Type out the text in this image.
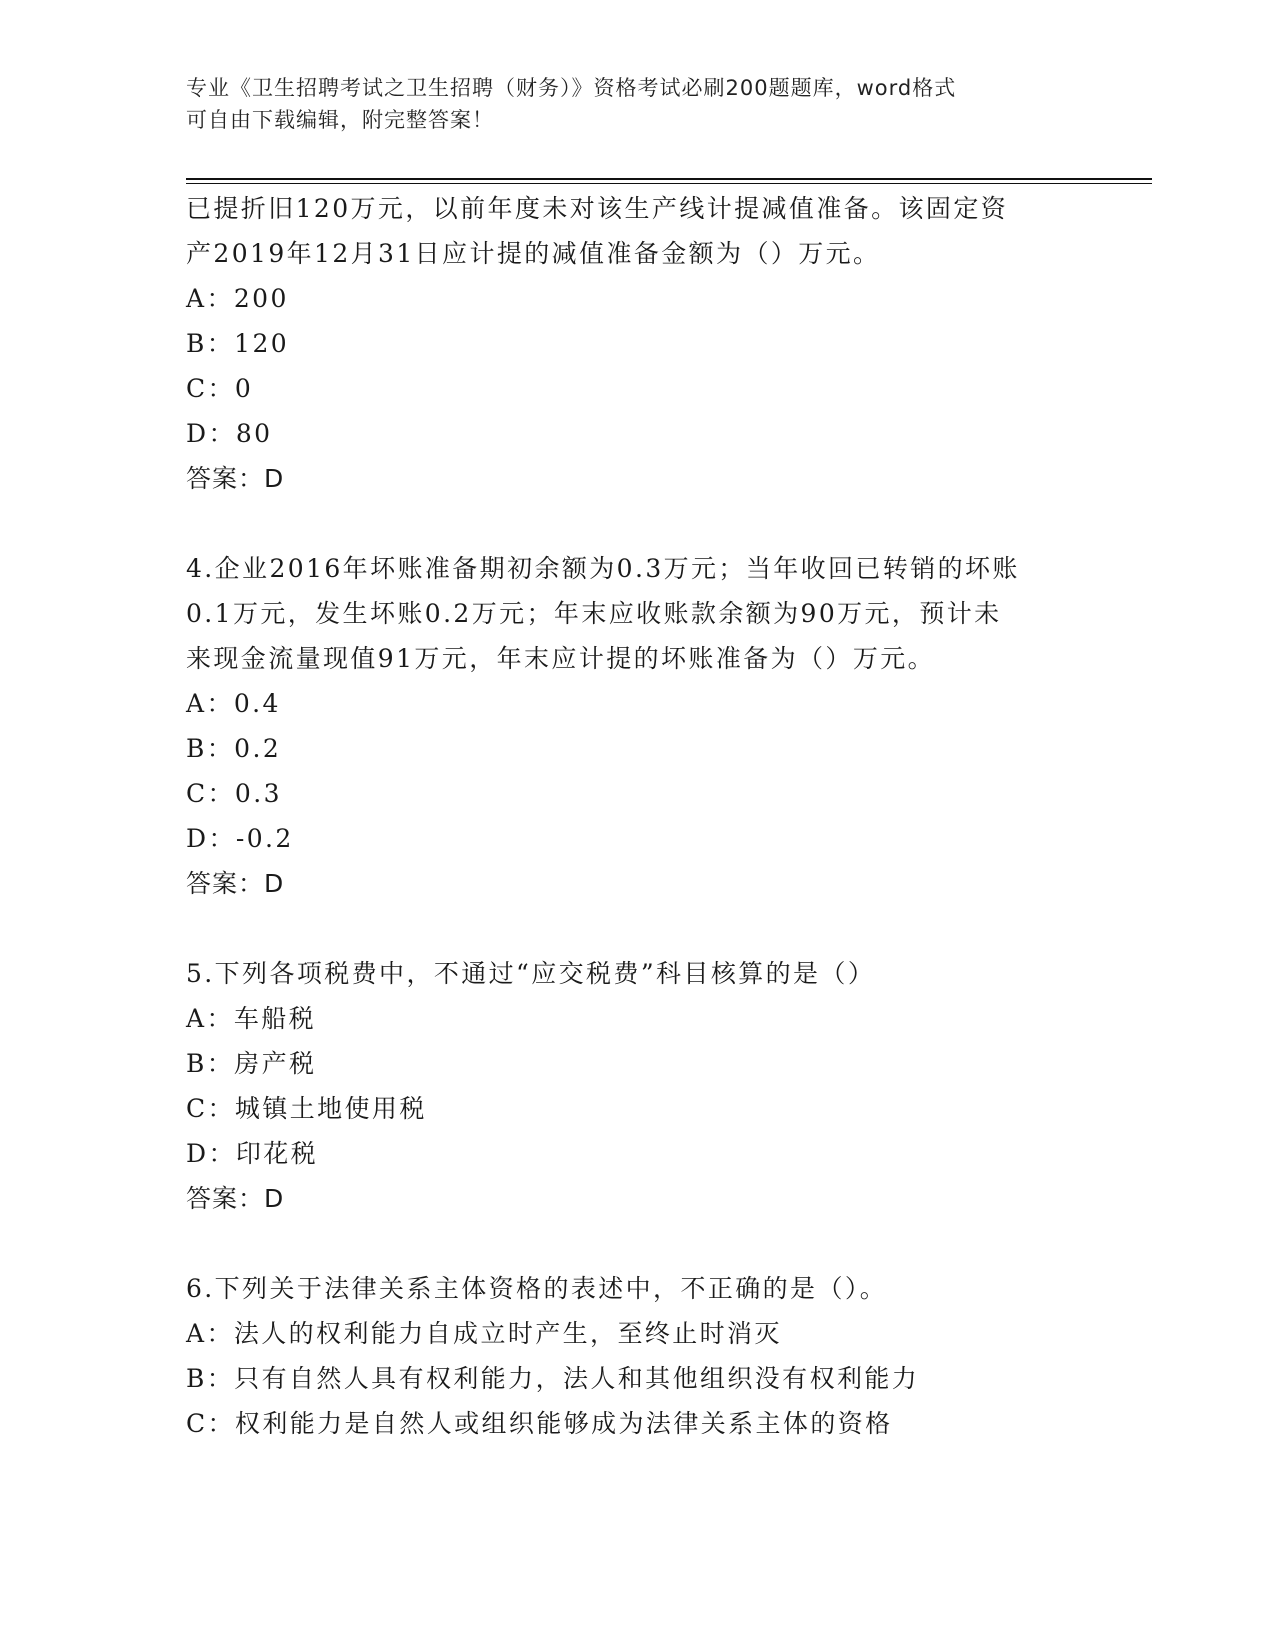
专业《卫生招聘考试之卫生招聘（财务）》资格考试必刷200题题库，word格式
可自由下载编辑，附完整答案！
已提折旧120万元，以前年度未对该生产线计提减值准备。该固定资
产2019年12月31日应计提的减值准备金额为（）万元。
A：200
B：120
C：0
D：80
答案：D
4.企业2016年坏账准备期初余额为0.3万元；当年收回已转销的坏账
0.1万元，发生坏账0.2万元；年末应收账款余额为90万元，预计未
来现金流量现值91万元，年末应计提的坏账准备为（）万元。
A：0.4
B：0.2
C：0.3
D：-0.2
答案：D
5.下列各项税费中，不通过“应交税费”科目核算的是（）
A：车船税
B：房产税
C：城镇土地使用税
D：印花税
答案：D
6.下列关于法律关系主体资格的表述中，不正确的是（）。
A：法人的权利能力自成立时产生，至终止时消灭
B：只有自然人具有权利能力，法人和其他组织没有权利能力
C：权利能力是自然人或组织能够成为法律关系主体的资格
